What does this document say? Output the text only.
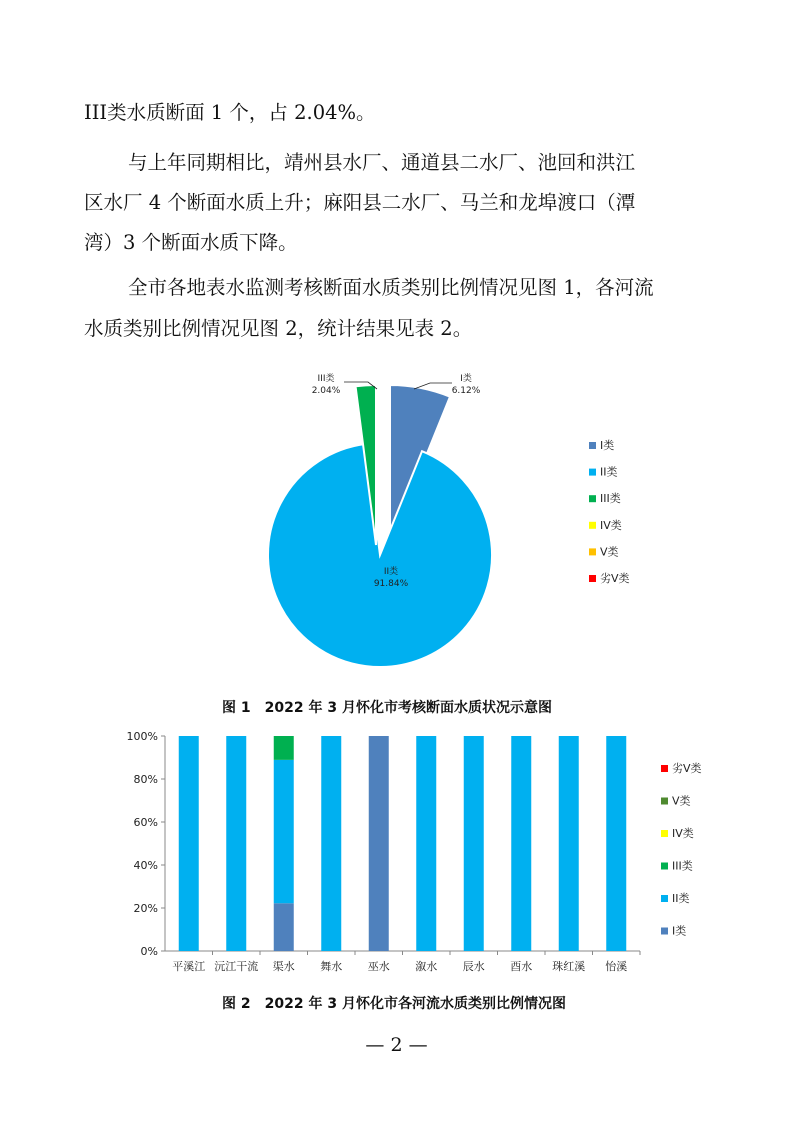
III类水质断面 1 个，占 2.04%。
与上年同期相比，靖州县水厂、通道县二水厂、池回和洪江
区水厂 4 个断面水质上升；麻阳县二水厂、马兰和龙埠渡口（潭
湾）3 个断面水质下降。
全市各地表水监测考核断面水质类别比例情况见图 1，各河流
水质类别比例情况见图 2，统计结果见表 2。
I类
6.12%
II类
91.84%
III类
2.04%
I类
II类
III类
IV类
V类
劣V类
图 1　2022 年 3 月怀化市考核断面水质状况示意图
0%
20%
40%
60%
80%
100%
平溪江 沅江干流 渠水 舞水 巫水 溆水 辰水 酉水 珠红溪 怡溪
劣V类
V类
IV类
III类
II类
I类
图 2　2022 年 3 月怀化市各河流水质类别比例情况图
— 2 —
